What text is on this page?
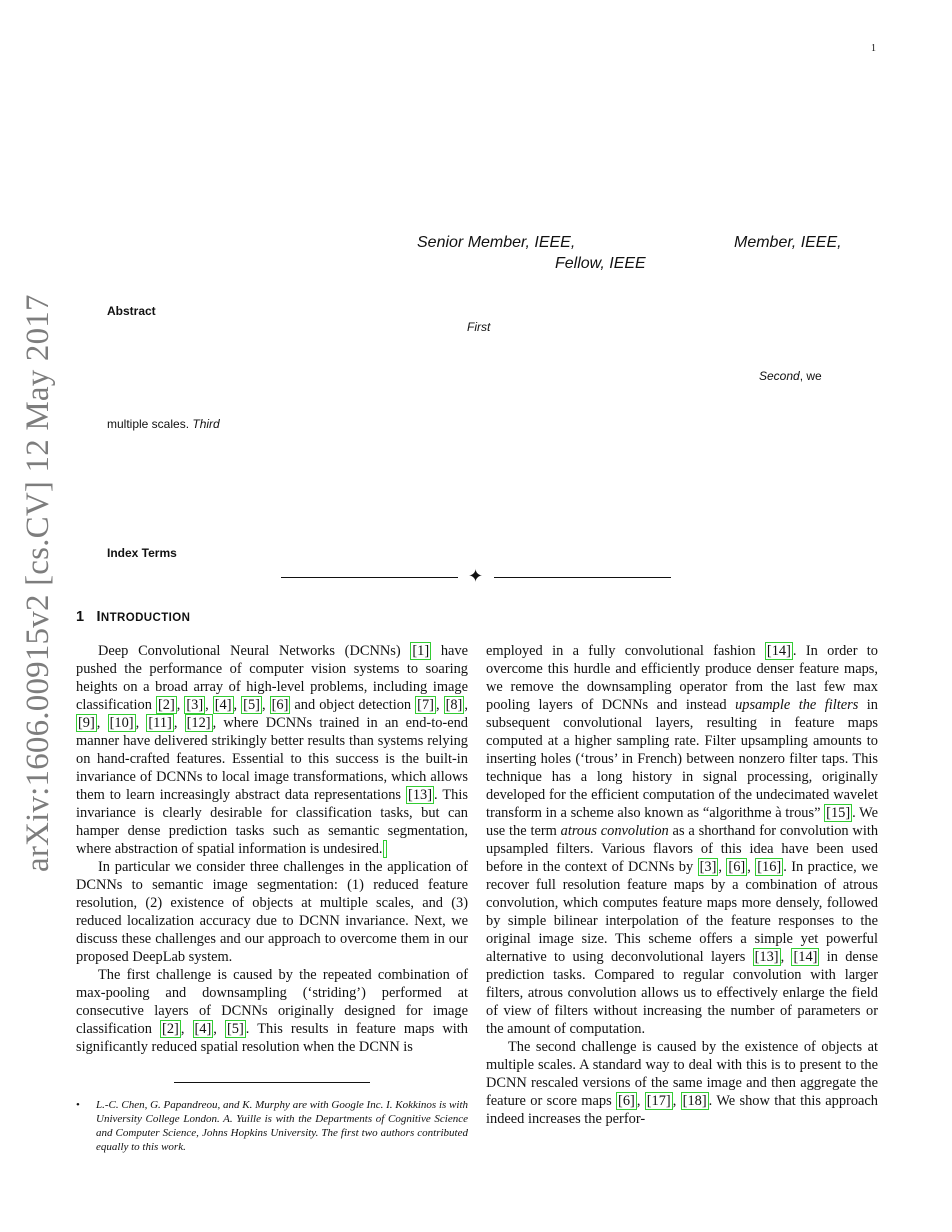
1
arXiv:1606.00915v2 [cs.CV] 12 May 2017
Senior Member, IEEE,	Member, IEEE,
Fellow, IEEE
Abstract
First
Second, we
multiple scales. Third
Index Terms
✦
1 INTRODUCTION

Deep Convolutional Neural Networks (DCNNs) [1] have pushed the performance of computer vision systems to soaring heights on a broad array of high-level problems, including image classification [2] , [3] , [4] , [5] , [6] and object detection [7] , [8] , [9] , [10] , [11] , [12] , where DCNNs trained in an end-to-end manner have delivered strikingly better results than systems relying on hand-crafted features. Essential to this success is the built-in invariance of DCNNs to local image transformations, which allows them to learn increasingly abstract data representations [13] . This invariance is clearly desirable for classification tasks, but can hamper dense prediction tasks such as semantic segmentation, where abstraction of spatial information is undesired.

In particular we consider three challenges in the application of DCNNs to semantic image segmentation: (1) reduced feature resolution, (2) existence of objects at multiple scales, and (3) reduced localization accuracy due to DCNN invariance. Next, we discuss these challenges and our approach to overcome them in our proposed DeepLab system.

The first challenge is caused by the repeated combination of max-pooling and downsampling (‘striding’) performed at consecutive layers of DCNNs originally designed for image classification [2] , [4] , [5] . This results in feature maps with significantly reduced spatial resolution when the DCNN is

employed in a fully convolutional fashion [14] . In order to overcome this hurdle and efficiently produce denser feature maps, we remove the downsampling operator from the last few max pooling layers of DCNNs and instead upsample the filters in subsequent convolutional layers, resulting in feature maps computed at a higher sampling rate. Filter upsampling amounts to inserting holes (‘trous’ in French) between nonzero filter taps. This technique has a long history in signal processing, originally developed for the efficient computation of the undecimated wavelet transform in a scheme also known as “algorithme à trous” [15] . We use the term atrous convolution as a shorthand for convolution with upsampled filters. Various flavors of this idea have been used before in the context of DCNNs by [3] , [6] , [16] . In practice, we recover full resolution feature maps by a combination of atrous convolution, which computes feature maps more densely, followed by simple bilinear interpolation of the feature responses to the original image size. This scheme offers a simple yet powerful alternative to using deconvolutional layers [13] , [14] in dense prediction tasks. Compared to regular convolution with larger filters, atrous convolution allows us to effectively enlarge the field of view of filters without increasing the number of parameters or the amount of computation.

The second challenge is caused by the existence of objects at multiple scales. A standard way to deal with this is to present to the DCNN rescaled versions of the same image and then aggregate the feature or score maps [6] , [17] , [18] . We show that this approach indeed increases the perfor-

• L.-C. Chen, G. Papandreou, and K. Murphy are with Google Inc. I. Kokkinos is with University College London. A. Yuille is with the Departments of Cognitive Science and Computer Science, Johns Hopkins University. The first two authors contributed equally to this work.
